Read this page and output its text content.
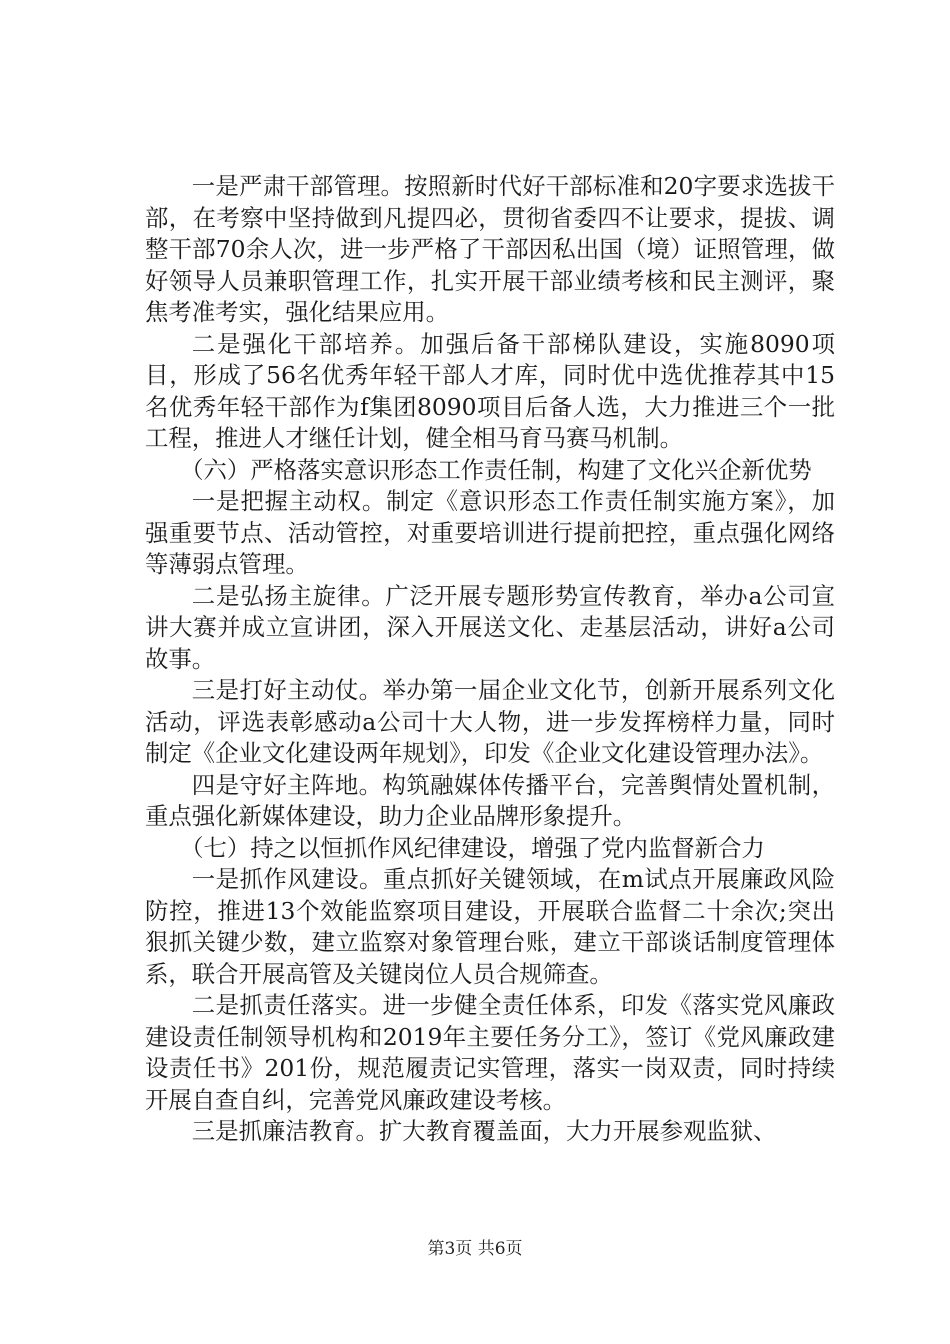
一是严肃干部管理。按照新时代好干部标准和20字要求选拔干部，在考察中坚持做到凡提四必，贯彻省委四不让要求，提拔、调整干部70余人次，进一步严格了干部因私出国（境）证照管理，做好领导人员兼职管理工作，扎实开展干部业绩考核和民主测评，聚焦考准考实，强化结果应用。

二是强化干部培养。加强后备干部梯队建设，实施8090项目，形成了56名优秀年轻干部人才库，同时优中选优推荐其中15名优秀年轻干部作为f集团8090项目后备人选，大力推进三个一批工程，推进人才继任计划，健全相马育马赛马机制。

（六）严格落实意识形态工作责任制，构建了文化兴企新优势

一是把握主动权。制定《意识形态工作责任制实施方案》，加强重要节点、活动管控，对重要培训进行提前把控，重点强化网络等薄弱点管理。

二是弘扬主旋律。广泛开展专题形势宣传教育，举办a公司宣讲大赛并成立宣讲团，深入开展送文化、走基层活动，讲好a公司故事。

三是打好主动仗。举办第一届企业文化节，创新开展系列文化活动，评选表彰感动a公司十大人物，进一步发挥榜样力量，同时制定《企业文化建设两年规划》，印发《企业文化建设管理办法》。

四是守好主阵地。构筑融媒体传播平台，完善舆情处置机制，重点强化新媒体建设，助力企业品牌形象提升。

（七）持之以恒抓作风纪律建设，增强了党内监督新合力

一是抓作风建设。重点抓好关键领域，在m试点开展廉政风险防控，推进13个效能监察项目建设，开展联合监督二十余次;突出狠抓关键少数，建立监察对象管理台账，建立干部谈话制度管理体系，联合开展高管及关键岗位人员合规筛查。

二是抓责任落实。进一步健全责任体系，印发《落实党风廉政建设责任制领导机构和2019年主要任务分工》，签订《党风廉政建设责任书》201份，规范履责记实管理，落实一岗双责，同时持续开展自查自纠，完善党风廉政建设考核。

三是抓廉洁教育。扩大教育覆盖面，大力开展参观监狱、

第3页 共6页
